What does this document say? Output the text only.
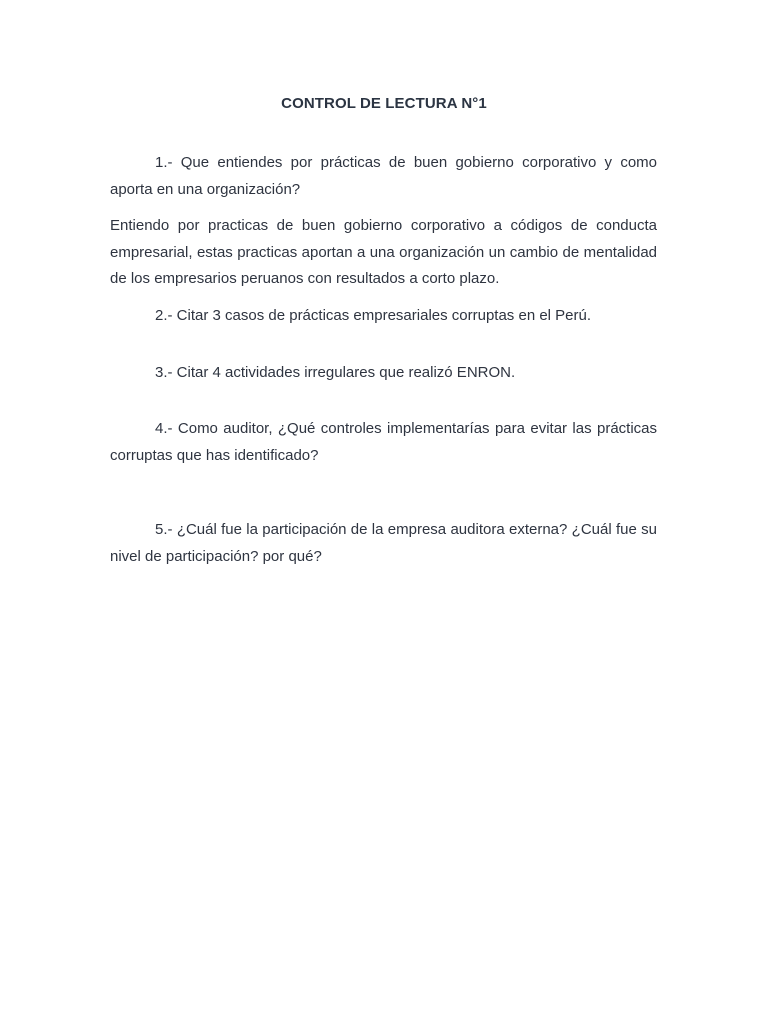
CONTROL DE LECTURA N°1

1.- Que entiendes por prácticas de buen gobierno corporativo y como aporta en una organización?

Entiendo por practicas de buen gobierno corporativo a códigos de conducta empresarial, estas practicas aportan a una organización un cambio de mentalidad de los empresarios peruanos con resultados a corto plazo.

2.- Citar 3 casos de prácticas empresariales corruptas en el Perú.

3.- Citar 4 actividades irregulares que realizó ENRON.

4.- Como auditor, ¿Qué controles implementarías para evitar las prácticas corruptas que has identificado?

5.- ¿Cuál fue la participación de la empresa auditora externa? ¿Cuál fue su nivel de participación? por qué?
